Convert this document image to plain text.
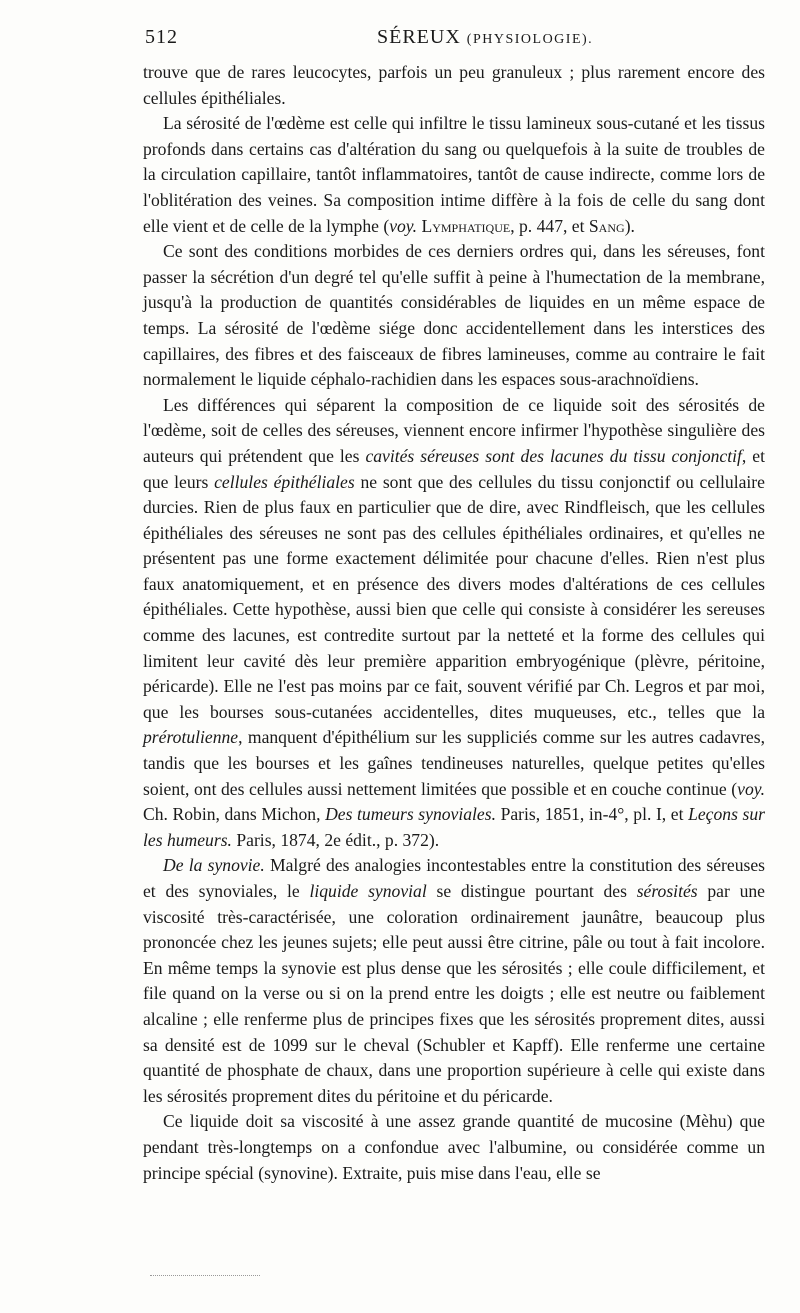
512	SÉREUX (PHYSIOLOGIE).

trouve que de rares leucocytes, parfois un peu granuleux ; plus rarement encore des cellules épithéliales.

La sérosité de l'œdème est celle qui infiltre le tissu lamineux sous-cutané et les tissus profonds dans certains cas d'altération du sang ou quelquefois à la suite de troubles de la circulation capillaire, tantôt inflammatoires, tantôt de cause indirecte, comme lors de l'oblitération des veines. Sa composition intime diffère à la fois de celle du sang dont elle vient et de celle de la lymphe (voy. Lymphatique, p. 447, et Sang).

Ce sont des conditions morbides de ces derniers ordres qui, dans les séreuses, font passer la sécrétion d'un degré tel qu'elle suffit à peine à l'humectation de la membrane, jusqu'à la production de quantités considérables de liquides en un même espace de temps. La sérosité de l'œdème siége donc accidentellement dans les interstices des capillaires, des fibres et des faisceaux de fibres lamineuses, comme au contraire le fait normalement le liquide céphalo-rachidien dans les espaces sous-arachnoïdiens.

Les différences qui séparent la composition de ce liquide soit des sérosités de l'œdème, soit de celles des séreuses, viennent encore infirmer l'hypothèse singulière des auteurs qui prétendent que les cavités séreuses sont des lacunes du tissu conjonctif, et que leurs cellules épithéliales ne sont que des cellules du tissu conjonctif ou cellulaire durcies. Rien de plus faux en particulier que de dire, avec Rindfleisch, que les cellules épithéliales des séreuses ne sont pas des cellules épithéliales ordinaires, et qu'elles ne présentent pas une forme exactement délimitée pour chacune d'elles. Rien n'est plus faux anatomiquement, et en présence des divers modes d'altérations de ces cellules épithéliales. Cette hypothèse, aussi bien que celle qui consiste à considérer les sereuses comme des lacunes, est contredite surtout par la netteté et la forme des cellules qui limitent leur cavité dès leur première apparition embryogénique (plèvre, péritoine, péricarde). Elle ne l'est pas moins par ce fait, souvent vérifié par Ch. Legros et par moi, que les bourses sous-cutanées accidentelles, dites muqueuses, etc., telles que la prérotulienne, manquent d'épithélium sur les suppliciés comme sur les autres cadavres, tandis que les bourses et les gaînes tendineuses naturelles, quelque petites qu'elles soient, ont des cellules aussi nettement limitées que possible et en couche continue (voy. Ch. Robin, dans Michon, Des tumeurs synoviales. Paris, 1851, in-4°, pl. I, et Leçons sur les humeurs. Paris, 1874, 2e édit., p. 372).

De la synovie. Malgré des analogies incontestables entre la constitution des séreuses et des synoviales, le liquide synovial se distingue pourtant des sérosités par une viscosité très-caractérisée, une coloration ordinairement jaunâtre, beaucoup plus prononcée chez les jeunes sujets; elle peut aussi être citrine, pâle ou tout à fait incolore. En même temps la synovie est plus dense que les sérosités ; elle coule difficilement, et file quand on la verse ou si on la prend entre les doigts ; elle est neutre ou faiblement alcaline ; elle renferme plus de principes fixes que les sérosités proprement dites, aussi sa densité est de 1099 sur le cheval (Schubler et Kapff). Elle renferme une certaine quantité de phosphate de chaux, dans une proportion supérieure à celle qui existe dans les sérosités proprement dites du péritoine et du péricarde.

Ce liquide doit sa viscosité à une assez grande quantité de mucosine (Mèhu) que pendant très-longtemps on a confondue avec l'albumine, ou considérée comme un principe spécial (synovine). Extraite, puis mise dans l'eau, elle se
